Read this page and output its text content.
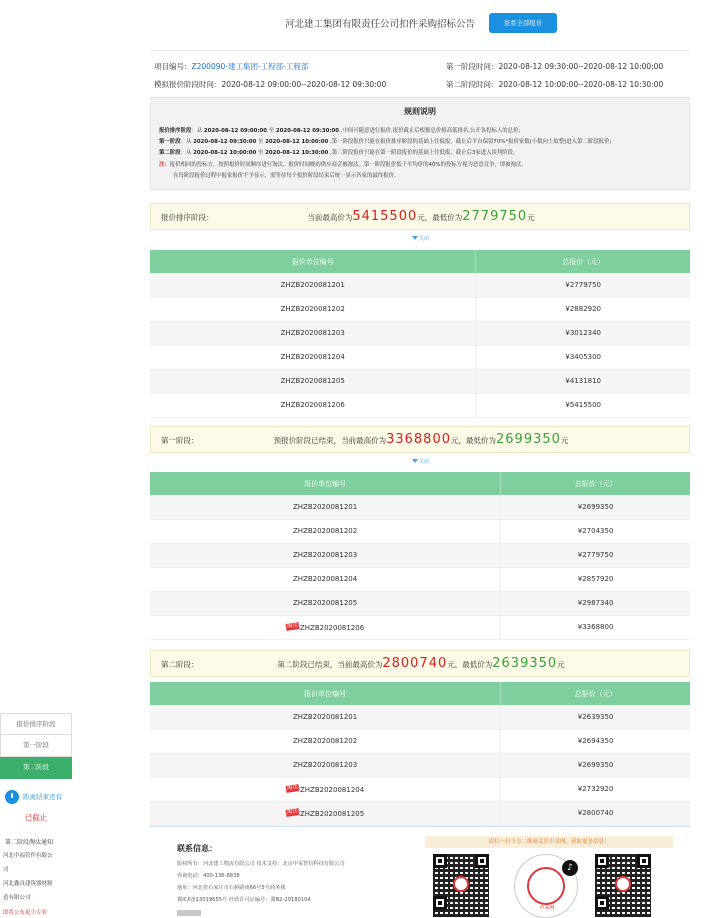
河北建工集团有限责任公司扣件采购招标公告	查看全部报价
项目编号：Z200090-建工集团-工程部-工程部	第一阶段时间：2020-08-12 09:30:00--2020-08-12 10:00:00
模拟报价阶段时间：2020-08-12 09:00:00--2020-08-12 09:30:00	第二阶段时间：2020-08-12 10:00:00--2020-08-12 10:30:00
规则说明
报价排序阶段：从 2020-08-12 09:00:00 至 2020-08-12 09:30:00 ,中间可随意进行报价,报价截止后根据总价格高低排名,公开各投标人的总价;
第一阶段：从 2020-08-12 09:30:00 至 2020-08-12 10:00:00 ,第一阶段报价只能在报价排序阶段的基础上往低报，截止后平台保留70%*报价家数(小数向上取整)进入第二阶段报价;
第二阶段：从 2020-08-12 10:00:00 至 2020-08-12 10:30:00 ,第二阶段报价只能在第一阶段报价的基础上往低报，截止后3家进入谈判阶段。
注：报价相同的投标方，按照报价时间顺序进行淘汰，报价时间晚的供应商会被淘汰。第一阶段报价低于平均价的40%的投标方视为恶意竞争，即被淘汰。
在每阶段报价过程中报家报价不予显示，需等待每个报价阶段结束后统一显示各家的最终报价。
报价排序阶段：	当前最高价为5415500元，最低价为2779750元
关闭
报价单位编号	总报价（元）
ZHZB2020081201	¥2779750
ZHZB2020081202	¥2882920
ZHZB2020081203	¥3012340
ZHZB2020081204	¥3405300
ZHZB2020081205	¥4131810
ZHZB2020081206	¥5415500
第一阶段：	预报价阶段已结束，当前最高价为3368800元，最低价为2699350元
关闭
报价单位编号	总报价（元）
ZHZB2020081201	¥2699350
ZHZB2020081202	¥2704350
ZHZB2020081203	¥2779750
ZHZB2020081204	¥2857920
ZHZB2020081205	¥2987340
淘汰 ZHZB2020081206	¥3368800
第二阶段：	第二阶段已结束，当前最高价为2800740元，最低价为2639350元
报价单位编号	总报价（元）
ZHZB2020081201	¥2639350
ZHZB2020081202	¥2694350
ZHZB2020081203	¥2699350
淘汰 ZHZB2020081204	¥2732920
淘汰 ZHZB2020081205	¥2800740
报价排序阶段
第一阶段
第二阶段
距离结束还有
已截止
第二阶段淘汰通知
河北中福管件有限公
司
河北鑫良建筑器材制
造有限公司
即将公布更小专业
联系信息：
版权所有：河北建工物流有限公司 技术支持：北京中采智信科技有限公司
咨询电话：400-136-8838
地址：河北省石家庄市石桥路南66号5号商务楼
冀ICP备13019655号 经营许可证编号：冀B2-20180104
请打一扫下方二维码关注中采网，获取更多信息！
中采网
♪
